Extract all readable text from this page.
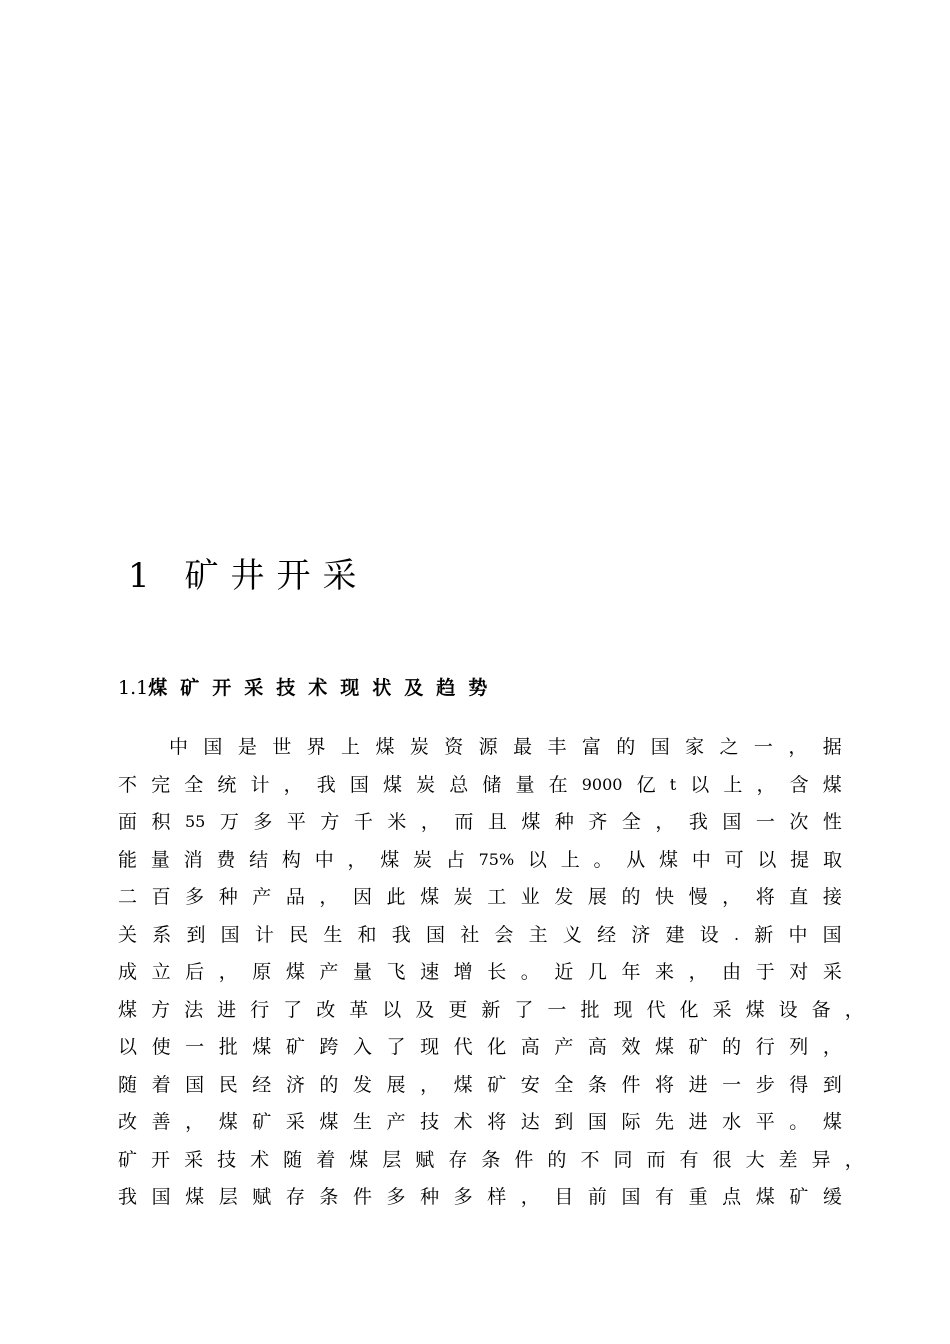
1 矿井开采
1.1煤矿开采技术现状及趋势
中 国 是 世 界 上 煤 炭 资 源 最 丰 富 的 国 家 之 一 ， 据
不 完 全 统 计 ， 我 国 煤 炭 总 储 量 在 9000 亿 t 以 上 ， 含 煤
面 积 55 万 多 平 方 千 米 ， 而 且 煤 种 齐 全 ， 我 国 一 次 性
能 量 消 费 结 构 中 ， 煤 炭 占 75% 以 上 。 从 煤 中 可 以 提 取
二 百 多 种 产 品 ， 因 此 煤 炭 工 业 发 展 的 快 慢 ， 将 直 接
关 系 到 国 计 民 生 和 我 国 社 会 主 义 经 济 建 设 . 新 中 国
成 立 后 ， 原 煤 产 量 飞 速 增 长 。 近 几 年 来 ， 由 于 对 采
煤 方 法 进 行 了 改 革 以 及 更 新 了 一 批 现 代 化 采 煤 设 备 ，
以 使 一 批 煤 矿 跨 入 了 现 代 化 高 产 高 效 煤 矿 的 行 列 ，
随 着 国 民 经 济 的 发 展 ， 煤 矿 安 全 条 件 将 进 一 步 得 到
改 善 ， 煤 矿 采 煤 生 产 技 术 将 达 到 国 际 先 进 水 平 。 煤
矿 开 采 技 术 随 着 煤 层 赋 存 条 件 的 不 同 而 有 很 大 差 异 ，
我 国 煤 层 赋 存 条 件 多 种 多 样 ， 目 前 国 有 重 点 煤 矿 缓
